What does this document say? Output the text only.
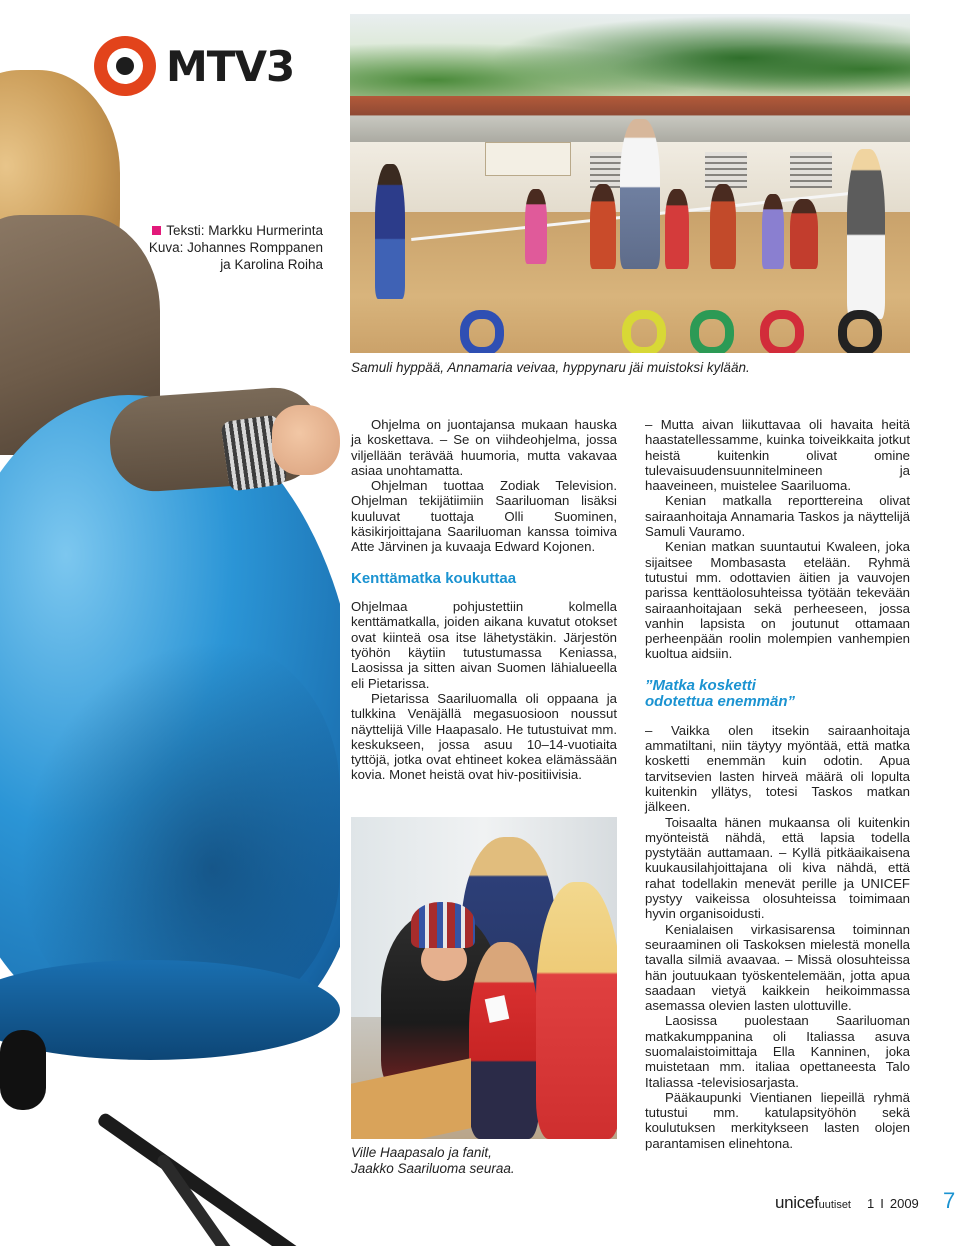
MTV3
Teksti: Markku Hurmerinta
Kuva: Johannes Romppanen
ja Karolina Roiha
Samuli hyppää, Annamaria veivaa, hyppynaru jäi muistoksi kylään.

Ohjelma on juontajansa mukaan hauska ja koskettava. – Se on viihdeohjelma, jossa viljellään terävää huumoria, mutta vakavaa asiaa unohtamatta.

Ohjelman tuottaa Zodiak Television. Ohjelman tekijätiimiin Saariluoman lisäksi kuuluvat tuottaja Olli Suominen, käsikirjoittajana Saariluoman kanssa toimiva Atte Järvinen ja kuvaaja Edward Kojonen.

Kenttämatka koukuttaa

Ohjelmaa pohjustettiin kolmella kenttämatkalla, joiden aikana kuvatut otokset ovat kiinteä osa itse lähetystäkin. Järjestön työhön käytiin tutustumassa Keniassa, Laosissa ja sitten aivan Suomen lähialueella eli Pietarissa.

Pietarissa Saariluomalla oli oppaana ja tulkkina Venäjällä megasuosioon noussut näyttelijä Ville Haapasalo. He tutustuivat mm. keskukseen, jossa asuu 10–14-vuotiaita tyttöjä, jotka ovat ehtineet kokea elämässään kovia. Monet heistä ovat hiv-positiivisia.

Ville Haapasalo ja fanit,
Jaakko Saariluoma seuraa.

– Mutta aivan liikuttavaa oli havaita heitä haastatellessamme, kuinka toiveikkaita jotkut heistä kuitenkin olivat omine tulevaisuudensuunnitelmineen ja haaveineen, muistelee Saariluoma.

Kenian matkalla reporttereina olivat sairaanhoitaja Annamaria Taskos ja näyttelijä Samuli Vauramo.

Kenian matkan suuntautui Kwaleen, joka sijaitsee Mombasasta etelään. Ryhmä tutustui mm. odottavien äitien ja vauvojen parissa kenttäolosuhteissa työtään tekevään sairaanhoitajaan sekä perheeseen, jossa vanhin lapsista on joutunut ottamaan perheenpään roolin molempien vanhempien kuoltua aidsiin.

”Matka kosketti
odotettua enemmän”

– Vaikka olen itsekin sairaanhoitaja ammatiltani, niin täytyy myöntää, että matka kosketti enemmän kuin odotin. Apua tarvitsevien lasten hirveä määrä oli lopulta kuitenkin yllätys, totesi Taskos matkan jälkeen.

Toisaalta hänen mukaansa oli kuitenkin myönteistä nähdä, että lapsia todella pystytään auttamaan. – Kyllä pitkäaikaisena kuukausilahjoittajana oli kiva nähdä, että rahat todellakin menevät perille ja UNICEF pystyy vaikeissa olosuhteissa toimimaan hyvin organisoidusti.

Kenialaisen virkasisarensa toiminnan seuraaminen oli Taskoksen mielestä monella tavalla silmiä avaavaa. – Missä olosuhteissa hän joutuukaan työskentelemään, jotta apua saadaan vietyä kaikkein heikoimmassa asemassa olevien lasten ulottuville.

Laosissa puolestaan Saariluoman matkakumppanina oli Italiassa asuva suomalaistoimittaja Ella Kanninen, joka muistetaan mm. italiaa opettaneesta Talo Italiassa -televisiosarjasta.

Pääkaupunki Vientianen liepeillä ryhmä tutustui mm. katulapsityöhön sekä koulutuksen merkitykseen lasten olojen parantamisen elinehtona.

unicef uutiset 1 I 2009 7
